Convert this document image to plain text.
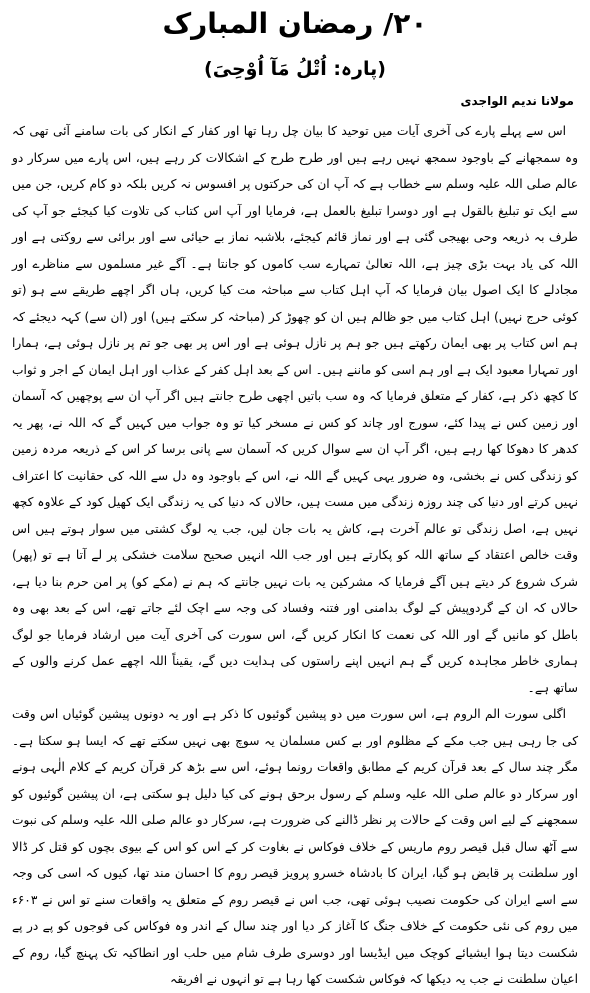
۲۰/ رمضان المبارک
(پارہ: اُتْلُ مَآ اُوْحِیَ)
مولانا ندیم الواجدی

اس سے پہلے پارے کی آخری آیات میں توحید کا بیان چل رہا تھا اور کفار کے انکار کی بات سامنے آئی تھی کہ وہ سمجھانے کے باوجود سمجھ نہیں رہے ہیں اور طرح طرح کے اشکالات کر رہے ہیں، اس پارے میں سرکار دو عالم صلی اللہ علیہ وسلم سے خطاب ہے کہ آپ ان کی حرکتوں پر افسوس نہ کریں بلکہ دو کام کریں، جن میں سے ایک تو تبلیغ بالقول ہے اور دوسرا تبلیغ بالعمل ہے، فرمایا اور آپ اس کتاب کی تلاوت کیا کیجئے جو آپ کی طرف بہ ذریعہ وحی بھیجی گئی ہے اور نماز قائم کیجئے، بلاشبہ نماز بے حیائی سے اور برائی سے روکتی ہے اور اللہ کی یاد بہت بڑی چیز ہے، اللہ تعالیٰ تمہارے سب کاموں کو جانتا ہے۔ آگے غیر مسلموں سے مناظرے اور مجادلے کا ایک اصول بیان فرمایا کہ آپ اہل کتاب سے مباحثہ مت کیا کریں، ہاں اگر اچھے طریقے سے ہو (تو کوئی حرج نہیں) اہل کتاب میں جو ظالم ہیں ان کو چھوڑ کر (مباحثہ کر سکتے ہیں) اور (ان سے) کہہ دیجئے کہ ہم اس کتاب پر بھی ایمان رکھتے ہیں جو ہم پر نازل ہوئی ہے اور اس پر بھی جو تم پر نازل ہوئی ہے، ہمارا اور تمہارا معبود ایک ہے اور ہم اسی کو ماننے ہیں۔ اس کے بعد اہل کفر کے عذاب اور اہل ایمان کے اجر و ثواب کا کچھ ذکر ہے، کفار کے متعلق فرمایا کہ وہ سب باتیں اچھی طرح جانتے ہیں اگر آپ ان سے پوچھیں کہ آسمان اور زمین کس نے پیدا کئے، سورج اور چاند کو کس نے مسخر کیا تو وہ جواب میں کہیں گے کہ اللہ نے، پھر یہ کدھر کا دھوکا کھا رہے ہیں، اگر آپ ان سے سوال کریں کہ آسمان سے پانی برسا کر اس کے ذریعہ مردہ زمین کو زندگی کس نے بخشی، وہ ضرور یہی کہیں گے اللہ نے، اس کے باوجود وہ دل سے اللہ کی حقانیت کا اعتراف نہیں کرتے اور دنیا کی چند روزہ زندگی میں مست ہیں، حالاں کہ دنیا کی یہ زندگی ایک کھیل کود کے علاوہ کچھ نہیں ہے، اصل زندگی تو عالم آخرت ہے، کاش یہ بات جان لیں، جب یہ لوگ کشتی میں سوار ہوتے ہیں اس وقت خالص اعتقاد کے ساتھ اللہ کو پکارتے ہیں اور جب اللہ انہیں صحیح سلامت خشکی پر لے آتا ہے تو (پھر) شرک شروع کر دیتے ہیں آگے فرمایا کہ مشرکین یہ بات نہیں جانتے کہ ہم نے (مکے کو) پر امن حرم بنا دیا ہے، حالاں کہ ان کے گردوپیش کے لوگ بدامنی اور فتنہ وفساد کی وجہ سے اچک لئے جاتے تھے، اس کے بعد بھی وہ باطل کو مانیں گے اور اللہ کی نعمت کا انکار کریں گے، اس سورت کی آخری آیت میں ارشاد فرمایا جو لوگ ہماری خاطر مجاہدہ کریں گے ہم انہیں اپنے راستوں کی ہدایت دیں گے، یقیناً اللہ اچھے عمل کرنے والوں کے ساتھ ہے۔

اگلی سورت الم الروم ہے، اس سورت میں دو پیشین گوئیوں کا ذکر ہے اور یہ دونوں پیشین گوئیاں اس وقت کی جا رہی ہیں جب مکے کے مظلوم اور بے کس مسلمان یہ سوچ بھی نہیں سکتے تھے کہ ایسا ہو سکتا ہے۔ مگر چند سال کے بعد قرآن کریم کے مطابق واقعات رونما ہوئے، اس سے بڑھ کر قرآن کریم کے کلام الٰہی ہونے اور سرکار دو عالم صلی اللہ علیہ وسلم کے رسول برحق ہونے کی کیا دلیل ہو سکتی ہے، ان پیشین گوئیوں کو سمجھنے کے لیے اس وقت کے حالات پر نظر ڈالنے کی ضرورت ہے، سرکار دو عالم صلی اللہ علیہ وسلم کی نبوت سے آٹھ سال قبل قیصر روم ماریس کے خلاف فوکاس نے بغاوت کر کے اس کو اس کے بیوی بچوں کو قتل کر ڈالا اور سلطنت پر قابض ہو گیا، ایران کا بادشاہ خسرو پرویز قیصر روم کا احسان مند تھا، کیوں کہ اسی کی وجہ سے اسے ایران کی حکومت نصیب ہوئی تھی، جب اس نے قیصر روم کے متعلق یہ واقعات سنے تو اس نے ۶۰۳ء میں روم کی نئی حکومت کے خلاف جنگ کا آغاز کر دیا اور چند سال کے اندر وہ فوکاس کی فوجوں کو پے در پے شکست دیتا ہوا ایشیائے کوچک میں ایڈیسا اور دوسری طرف شام میں حلب اور انطاکیہ تک پہنچ گیا، روم کے اعیان سلطنت نے جب یہ دیکھا کہ فوکاس شکست کھا رہا ہے تو انہوں نے افریقہ
